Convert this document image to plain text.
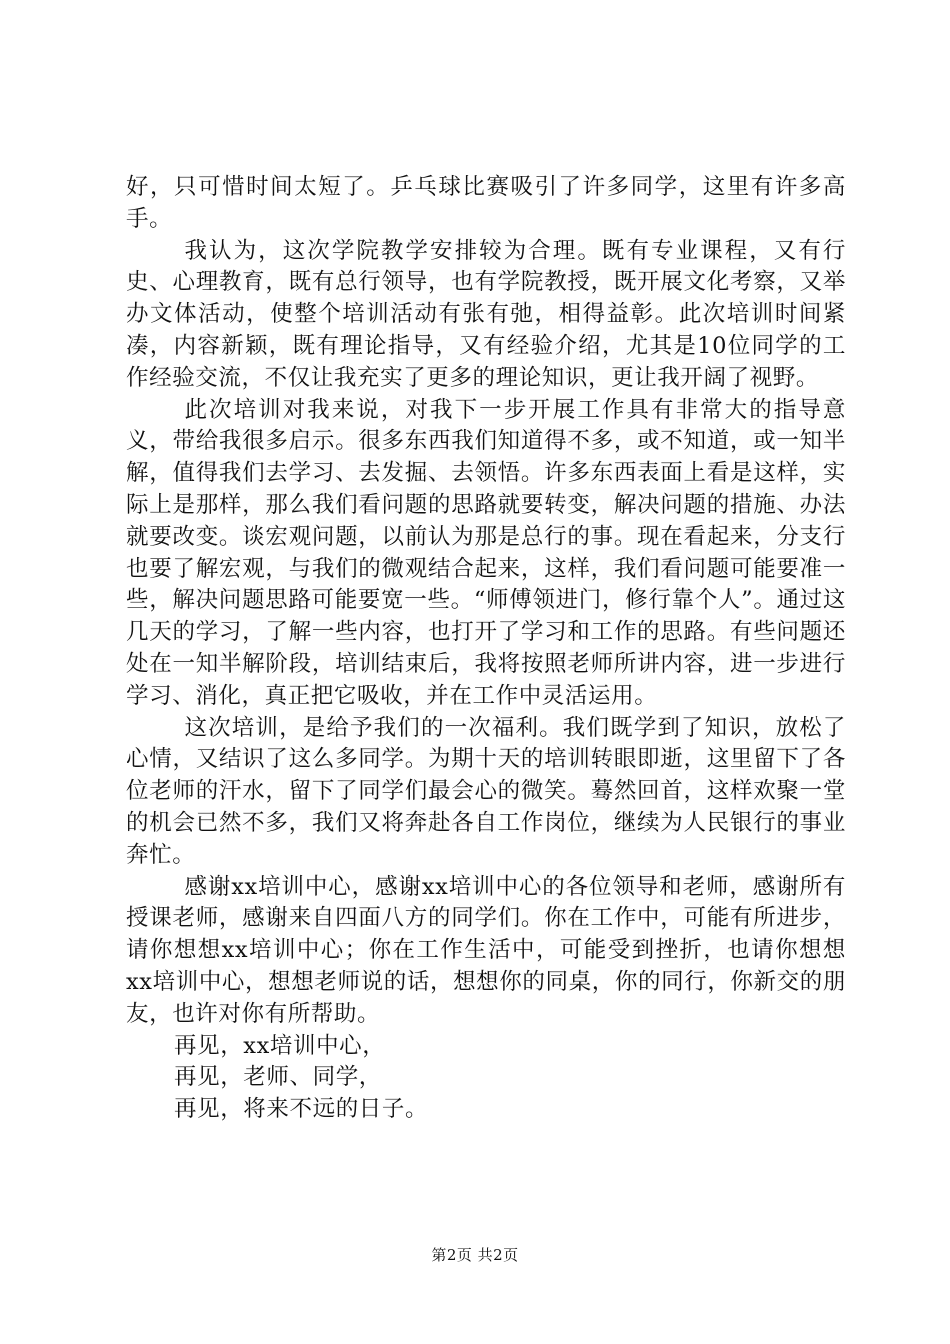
好，只可惜时间太短了。乒乓球比赛吸引了许多同学，这里有许多高手。

我认为，这次学院教学安排较为合理。既有专业课程，又有行史、心理教育，既有总行领导，也有学院教授，既开展文化考察，又举办文体活动，使整个培训活动有张有弛，相得益彰。此次培训时间紧凑，内容新颖，既有理论指导，又有经验介绍，尤其是10位同学的工作经验交流，不仅让我充实了更多的理论知识，更让我开阔了视野。

此次培训对我来说，对我下一步开展工作具有非常大的指导意义，带给我很多启示。很多东西我们知道得不多，或不知道，或一知半解，值得我们去学习、去发掘、去领悟。许多东西表面上看是这样，实际上是那样，那么我们看问题的思路就要转变，解决问题的措施、办法就要改变。谈宏观问题，以前认为那是总行的事。现在看起来，分支行也要了解宏观，与我们的微观结合起来，这样，我们看问题可能要准一些，解决问题思路可能要宽一些。“师傅领进门，修行靠个人”。通过这几天的学习，了解一些内容，也打开了学习和工作的思路。有些问题还处在一知半解阶段，培训结束后，我将按照老师所讲内容，进一步进行学习、消化，真正把它吸收，并在工作中灵活运用。

这次培训，是给予我们的一次福利。我们既学到了知识，放松了心情，又结识了这么多同学。为期十天的培训转眼即逝，这里留下了各位老师的汗水，留下了同学们最会心的微笑。蓦然回首，这样欢聚一堂的机会已然不多，我们又将奔赴各自工作岗位，继续为人民银行的事业奔忙。

感谢xx培训中心，感谢xx培训中心的各位领导和老师，感谢所有授课老师，感谢来自四面八方的同学们。你在工作中，可能有所进步，请你想想xx培训中心；你在工作生活中，可能受到挫折，也请你想想xx培训中心，想想老师说的话，想想你的同桌，你的同行，你新交的朋友，也许对你有所帮助。

再见，xx培训中心，
再见，老师、同学，
再见，将来不远的日子。
第2页 共2页
